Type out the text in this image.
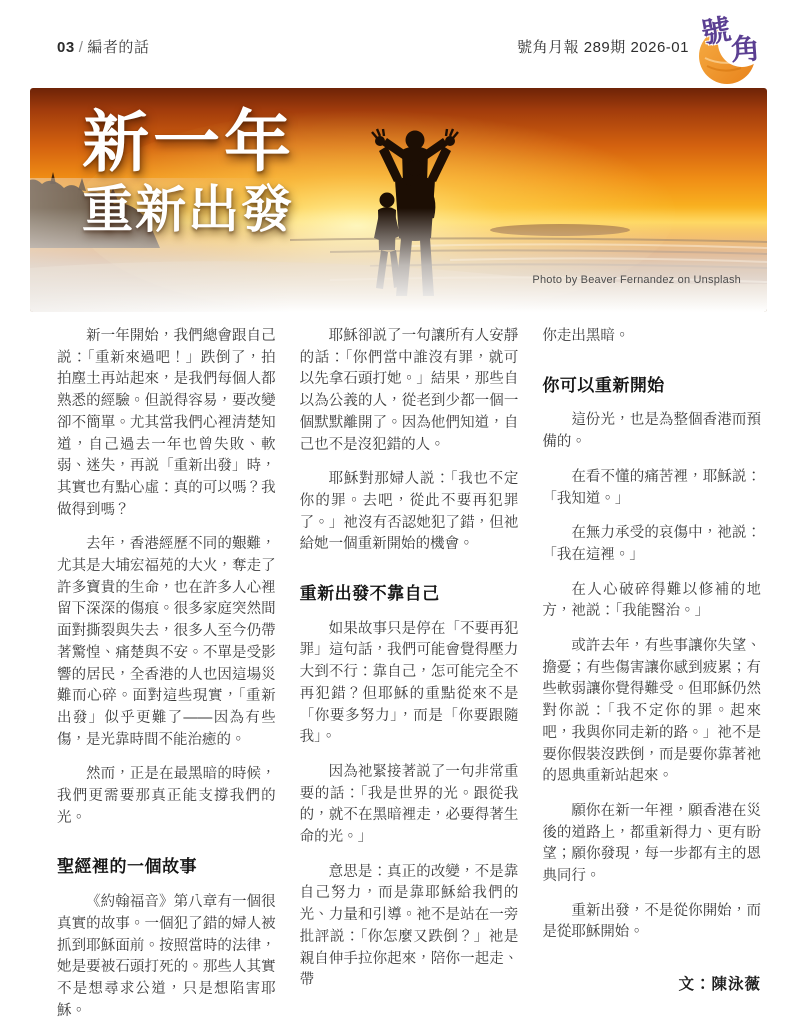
03 / 編者的話	號角月報 289期 2026-01 號
角
新一年
重新出發
Photo by Beaver Fernandez on Unsplash

新一年開始，我們總會跟自己説：「重新來過吧！」跌倒了，拍拍塵土再站起來，是我們每個人都熟悉的經驗。但説得容易，要改變卻不簡單。尤其當我們心裡清楚知道，自己過去一年也曾失敗、軟弱、迷失，再説「重新出發」時，其實也有點心虛：真的可以嗎？我做得到嗎？

去年，香港經歷不同的艱難，尤其是大埔宏福苑的大火，奪走了許多寶貴的生命，也在許多人心裡留下深深的傷痕。很多家庭突然間面對撕裂與失去，很多人至今仍帶著驚惶、痛楚與不安。不單是受影響的居民，全香港的人也因這場災難而心碎。面對這些現實，「重新出發」似乎更難了——因為有些傷，是光靠時間不能治癒的。

然而，正是在最黑暗的時候，我們更需要那真正能支撐我們的光。

聖經裡的一個故事

《約翰福音》第八章有一個很真實的故事。一個犯了錯的婦人被抓到耶穌面前。按照當時的法律，她是要被石頭打死的。那些人其實不是想尋求公道，只是想陷害耶穌。

耶穌卻説了一句讓所有人安靜的話：「你們當中誰沒有罪，就可以先拿石頭打她。」結果，那些自以為公義的人，從老到少都一個一個默默離開了。因為他們知道，自己也不是沒犯錯的人。

耶穌對那婦人説：「我也不定你的罪。去吧，從此不要再犯罪了。」祂沒有否認她犯了錯，但祂給她一個重新開始的機會。

重新出發不靠自己

如果故事只是停在「不要再犯罪」這句話，我們可能會覺得壓力大到不行：靠自己，怎可能完全不再犯錯？但耶穌的重點從來不是「你要多努力」，而是「你要跟隨我」。

因為祂緊接著説了一句非常重要的話：「我是世界的光。跟從我的，就不在黑暗裡走，必要得著生命的光。」

意思是：真正的改變，不是靠自己努力，而是靠耶穌給我們的光、力量和引導。祂不是站在一旁批評説：「你怎麼又跌倒？」祂是親自伸手拉你起來，陪你一起走、帶

你走出黑暗。

你可以重新開始

這份光，也是為整個香港而預備的。

在看不懂的痛苦裡，耶穌説：「我知道。」

在無力承受的哀傷中，祂説：「我在這裡。」

在人心破碎得難以修補的地方，祂説：「我能醫治。」

或許去年，有些事讓你失望、擔憂；有些傷害讓你感到疲累；有些軟弱讓你覺得難受。但耶穌仍然對你説：「我不定你的罪。起來吧，我與你同走新的路。」祂不是要你假裝沒跌倒，而是要你靠著祂的恩典重新站起來。

願你在新一年裡，願香港在災後的道路上，都重新得力、更有盼望；願你發現，每一步都有主的恩典同行。

重新出發，不是從你開始，而是從耶穌開始。

文：陳泳薇
